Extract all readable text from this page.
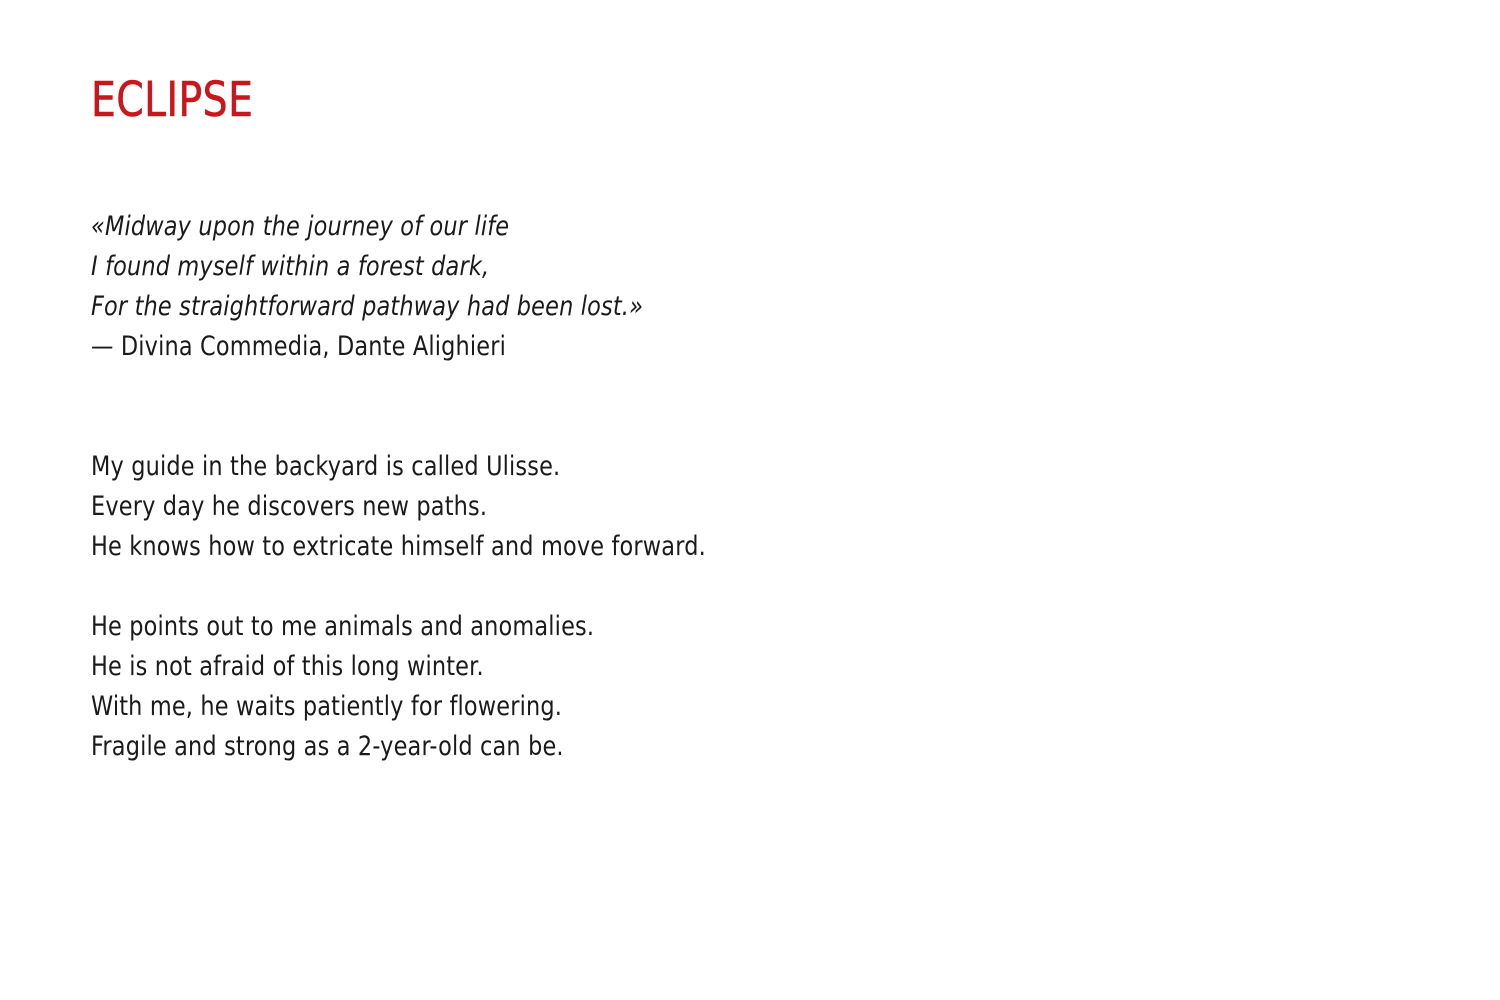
ECLIPSE
«Midway upon the journey of our life
I found myself within a forest dark,
For the straightforward pathway had been lost.»
— Divina Commedia, Dante Alighieri
My guide in the backyard is called Ulisse.
Every day he discovers new paths.
He knows how to extricate himself and move forward.
He points out to me animals and anomalies.
He is not afraid of this long winter.
With me, he waits patiently for flowering.
Fragile and strong as a 2-year-old can be.
